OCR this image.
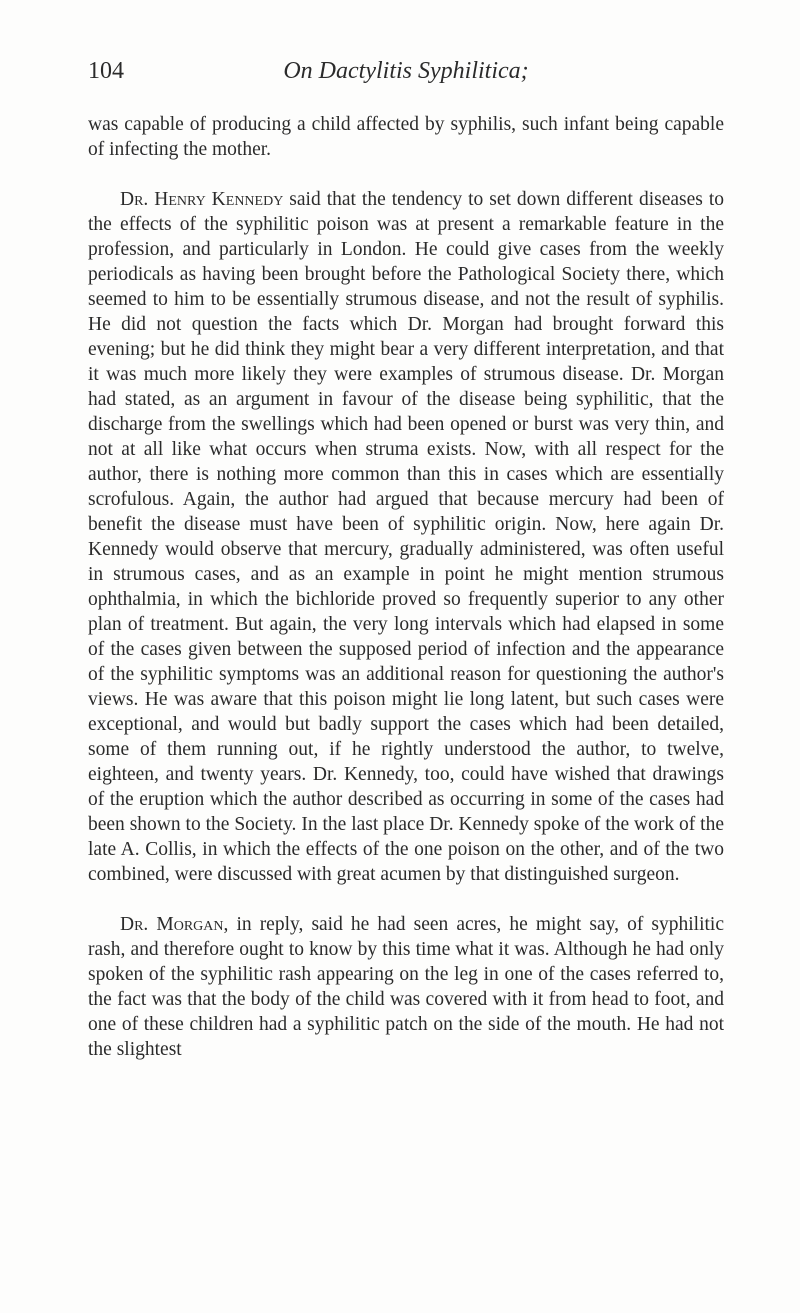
104	On Dactylitis Syphilitica;

was capable of producing a child affected by syphilis, such infant being capable of infecting the mother.

Dr. Henry Kennedy said that the tendency to set down different diseases to the effects of the syphilitic poison was at present a remarkable feature in the profession, and particularly in London. He could give cases from the weekly periodicals as having been brought before the Pathological Society there, which seemed to him to be essentially strumous disease, and not the result of syphilis. He did not question the facts which Dr. Morgan had brought forward this evening; but he did think they might bear a very different interpretation, and that it was much more likely they were examples of strumous disease. Dr. Morgan had stated, as an argument in favour of the disease being syphilitic, that the discharge from the swellings which had been opened or burst was very thin, and not at all like what occurs when struma exists. Now, with all respect for the author, there is nothing more common than this in cases which are essentially scrofulous. Again, the author had argued that because mercury had been of benefit the disease must have been of syphilitic origin. Now, here again Dr. Kennedy would observe that mercury, gradually administered, was often useful in strumous cases, and as an example in point he might mention strumous ophthalmia, in which the bichloride proved so frequently superior to any other plan of treatment. But again, the very long intervals which had elapsed in some of the cases given between the supposed period of infection and the appearance of the syphilitic symptoms was an additional reason for questioning the author's views. He was aware that this poison might lie long latent, but such cases were exceptional, and would but badly support the cases which had been detailed, some of them running out, if he rightly understood the author, to twelve, eighteen, and twenty years. Dr. Kennedy, too, could have wished that drawings of the eruption which the author described as occurring in some of the cases had been shown to the Society. In the last place Dr. Kennedy spoke of the work of the late A. Collis, in which the effects of the one poison on the other, and of the two combined, were discussed with great acumen by that distinguished surgeon.

Dr. Morgan, in reply, said he had seen acres, he might say, of syphilitic rash, and therefore ought to know by this time what it was. Although he had only spoken of the syphilitic rash appearing on the leg in one of the cases referred to, the fact was that the body of the child was covered with it from head to foot, and one of these children had a syphilitic patch on the side of the mouth. He had not the slightest
